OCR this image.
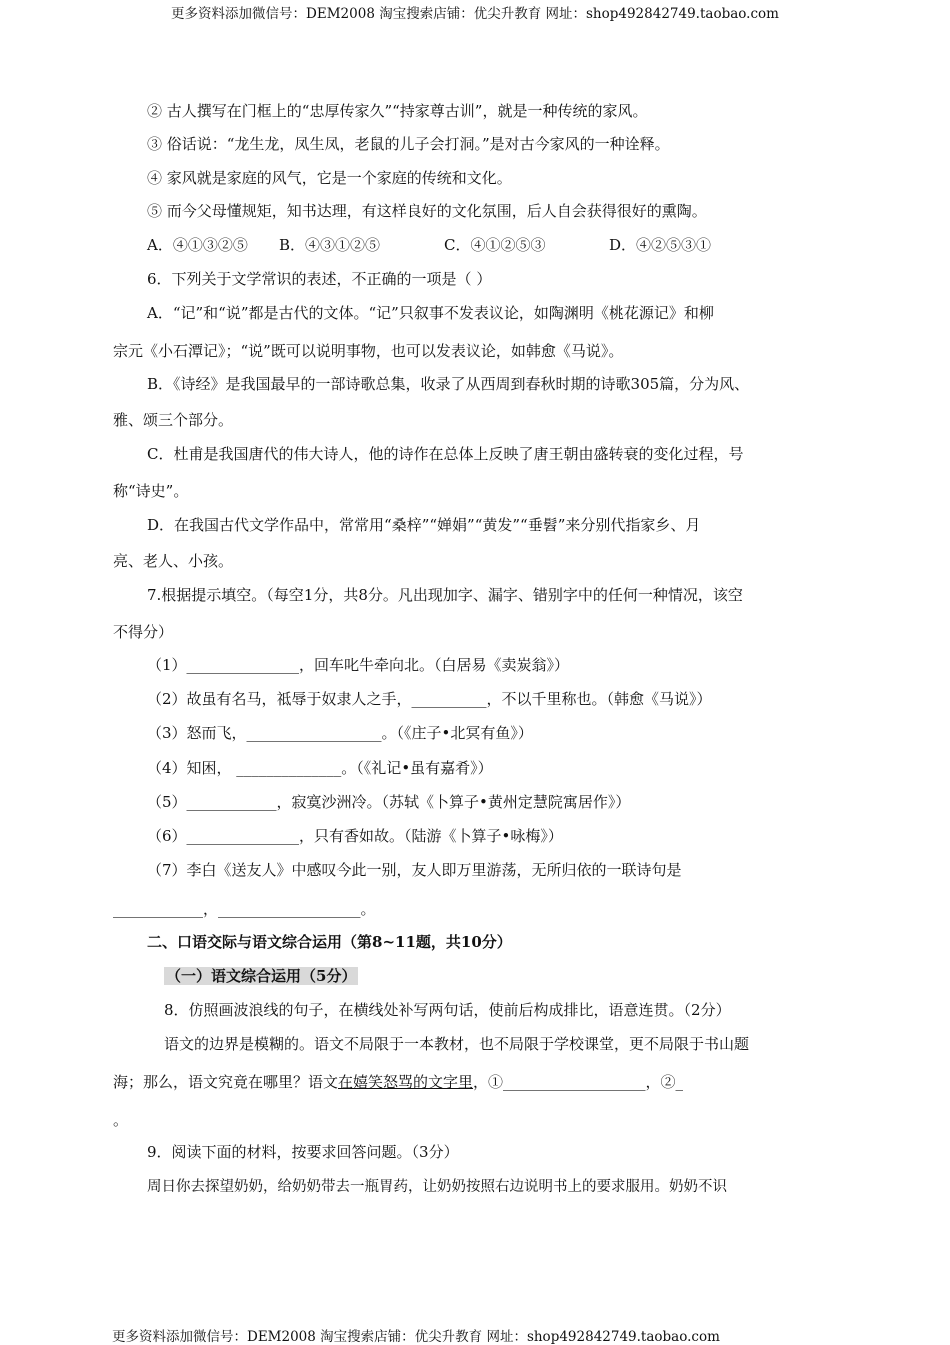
更多资料添加微信号：DEM2008 淘宝搜索店铺：优尖升教育 网址：shop492842749.taobao.com
② 古人撰写在门框上的“忠厚传家久”“持家尊古训”，就是一种传统的家风。
③ 俗话说：“龙生龙，凤生凤，老鼠的儿子会打洞。”是对古今家风的一种诠释。
④ 家风就是家庭的风气，它是一个家庭的传统和文化。
⑤ 而今父母懂规矩，知书达理，有这样良好的文化氛围，后人自会获得很好的熏陶。
A．④①③②⑤ B．④③①②⑤	C．④①②⑤③	D．④②⑤③①
6．下列关于文学常识的表述，不正确的一项是（ ）
A．“记”和“说”都是古代的文体。“记”只叙事不发表议论，如陶渊明《桃花源记》和柳
宗元《小石潭记》；“说”既可以说明事物，也可以发表议论，如韩愈《马说》。
B．《诗经》是我国最早的一部诗歌总集，收录了从西周到春秋时期的诗歌305篇，分为风、
雅、颂三个部分。
C．杜甫是我国唐代的伟大诗人，他的诗作在总体上反映了唐王朝由盛转衰的变化过程，号
称“诗史”。
D．在我国古代文学作品中，常常用“桑梓”“婵娟”“黄发”“垂髫”来分别代指家乡、月
亮、老人、小孩。
7.根据提示填空。（每空1分，共8分。凡出现加字、漏字、错别字中的任何一种情况，该空
不得分）
（1）_______________，回车叱牛牵向北。（白居易《卖炭翁》）
（2）故虽有名马，祗辱于奴隶人之手，__________，不以千里称也。（韩愈《马说》）
（3）怒而飞，__________________。（《庄子•北冥有鱼》）
（4）知困， ______________。（《礼记•虽有嘉肴》）
（5）____________，寂寞沙洲冷。（苏轼《卜算子•黄州定慧院寓居作》）
（6）_______________，只有香如故。（陆游《卜算子•咏梅》）
（7）李白《送友人》中感叹今此一别，友人即万里游荡，无所归依的一联诗句是
____________，___________________。
二、口语交际与语文综合运用（第8~11题，共10分）
（一）语文综合运用（5分）
8．仿照画波浪线的句子，在横线处补写两句话，使前后构成排比，语意连贯。（2分）
语文的边界是模糊的。语文不局限于一本教材，也不局限于学校课堂，更不局限于书山题
海；那么，语文究竟在哪里？语文在嬉笑怒骂的文字里，①___________________，②_
。
9．阅读下面的材料，按要求回答问题。（3分）
周日你去探望奶奶，给奶奶带去一瓶胃药，让奶奶按照右边说明书上的要求服用。奶奶不识
更多资料添加微信号：DEM2008 淘宝搜索店铺：优尖升教育 网址：shop492842749.taobao.com
